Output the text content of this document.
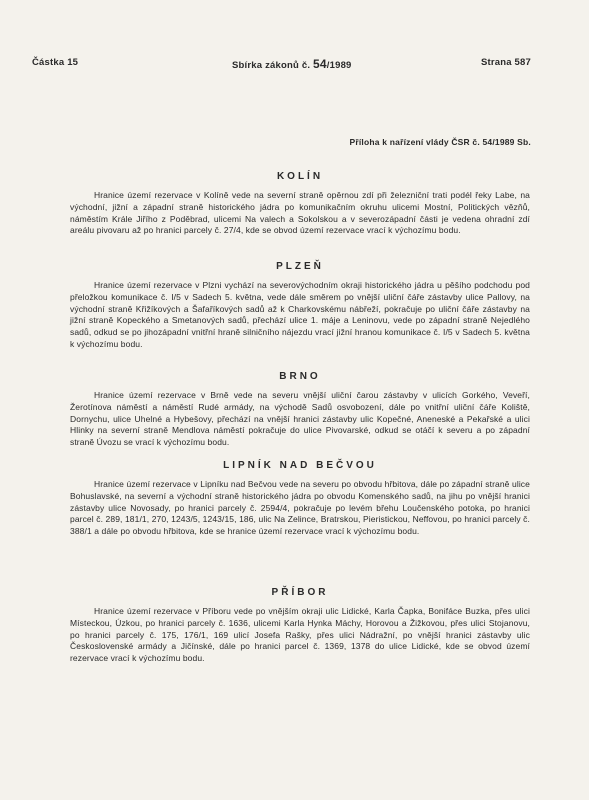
Částka 15	Sbírka zákonů č. 54/1989	Strana 587
Příloha k nařízení vlády ČSR č. 54/1989 Sb.
KOLÍN
Hranice území rezervace v Kolíně vede na severní straně opěrnou zdí při železniční trati podél řeky Labe, na východní, jižní a západní straně historického jádra po komunikačním okruhu ulicemi Mostní, Politických vězňů, náměstím Krále Jiřího z Poděbrad, ulicemi Na valech a Sokolskou a v severozápadní části je vedena ohradní zdí areálu pivovaru až po hranici parcely č. 27/4, kde se obvod území rezervace vrací k výchozímu bodu.
PLZEŇ
Hranice území rezervace v Plzni vychází na severovýchodním okraji historického jádra u pěšího podchodu pod přeložkou komunikace č. I/5 v Sadech 5. května, vede dále směrem po vnější uliční čáře zástavby ulice Pallovy, na východní straně Křižíkových a Šafaříkových sadů až k Charkovskému nábřeží, pokračuje po uliční čáře zástavby na jižní straně Kopeckého a Smetanových sadů, přechází ulice 1. máje a Leninovu, vede po západní straně Nejedlého sadů, odkud se po jihozápadní vnitřní hraně silničního nájezdu vrací jižní hranou komunikace č. I/5 v Sadech 5. května k výchozímu bodu.
BRNO
Hranice území rezervace v Brně vede na severu vnější uliční čarou zástavby v ulicích Gorkého, Veveří, Žerotínova náměstí a náměstí Rudé armády, na východě Sadů osvobození, dále po vnitřní uliční čáře Koliště, Dornychu, ulice Uhelné a Hybešovy, přechází na vnější hranici zástavby ulic Kopečné, Aneneské a Pekařské a ulici Hlinky na severní straně Mendlova náměstí pokračuje do ulice Pivovarské, odkud se otáčí k severu a po západní straně Úvozu se vrací k výchozímu bodu.
LIPNÍK NAD BEČVOU
Hranice území rezervace v Lipníku nad Bečvou vede na severu po obvodu hřbitova, dále po západní straně ulice Bohuslavské, na severní a východní straně historického jádra po obvodu Komenského sadů, na jihu po vnější hranici zástavby ulice Novosady, po hranici parcely č. 2594/4, pokračuje po levém břehu Loučenského potoka, po hranici parcel č. 289, 181/1, 270, 1243/5, 1243/15, 186, ulic Na Zelince, Bratrskou, Pieristickou, Neffovou, po hranici parcely č. 388/1 a dále po obvodu hřbitova, kde se hranice území rezervace vrací k výchozímu bodu.
PŘÍBOR
Hranice území rezervace v Příboru vede po vnějším okraji ulic Lidické, Karla Čapka, Bonifáce Buzka, přes ulici Místeckou, Úzkou, po hranici parcely č. 1636, ulicemi Karla Hynka Máchy, Horovou a Žižkovou, přes ulici Stojanovu, po hranici parcely č. 175, 176/1, 169 ulicí Josefa Rašky, přes ulici Nádražní, po vnější hranici zástavby ulic Československé armády a Jičínské, dále po hranici parcel č. 1369, 1378 do ulice Lidické, kde se obvod území rezervace vrací k výchozímu bodu.
